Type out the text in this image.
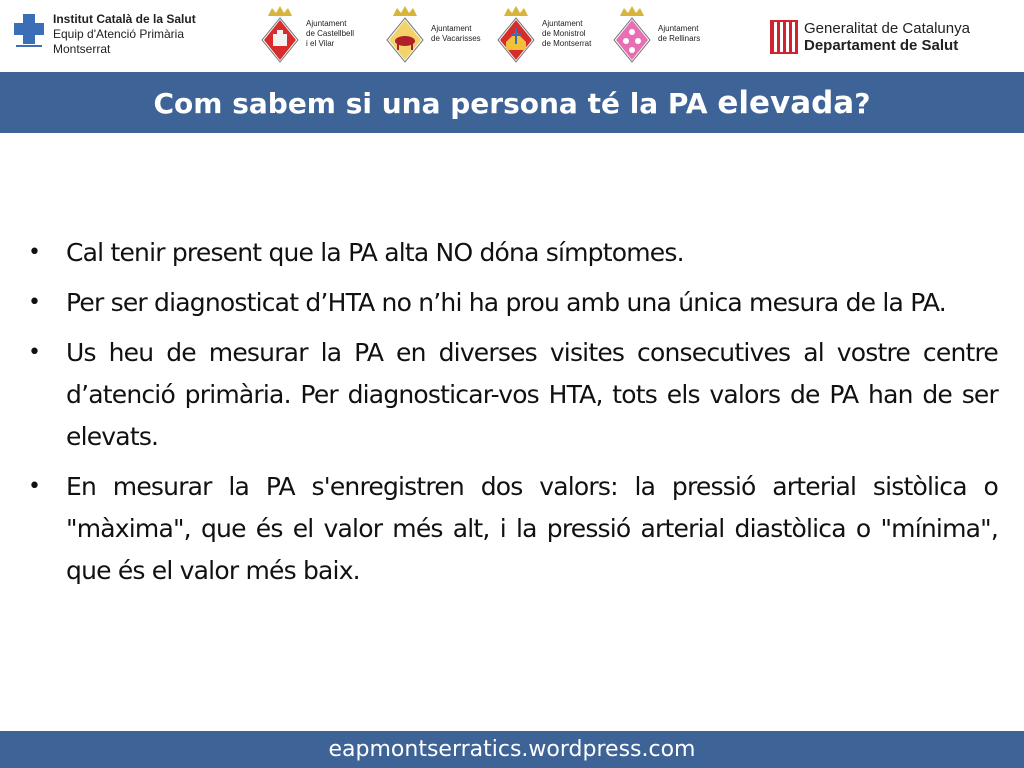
Institut Català de la Salut
Equip d'Atenció Primària
Montserrat
Ajuntament
de Castellbell
i el Vilar
Ajuntament
de Vacarisses
Ajuntament
de Monistrol
de Montserrat
Ajuntament
de Rellinars
Generalitat de Catalunya
Departament de Salut
Com sabem si una persona té la PA elevada?
• Cal tenir present que la PA alta NO dóna símptomes.
• Per ser diagnosticat d’HTA no n’hi ha prou amb una única mesura de la PA.
• Us heu de mesurar la PA en diverses visites consecutives al vostre centre d’atenció primària. Per diagnosticar-vos HTA, tots els valors de PA han de ser elevats.
• En mesurar la PA s'enregistren dos valors: la pressió arterial sistòlica o "màxima", que és el valor més alt, i la pressió arterial diastòlica o "mínima", que és el valor més baix.
eapmontserratics.wordpress.com
